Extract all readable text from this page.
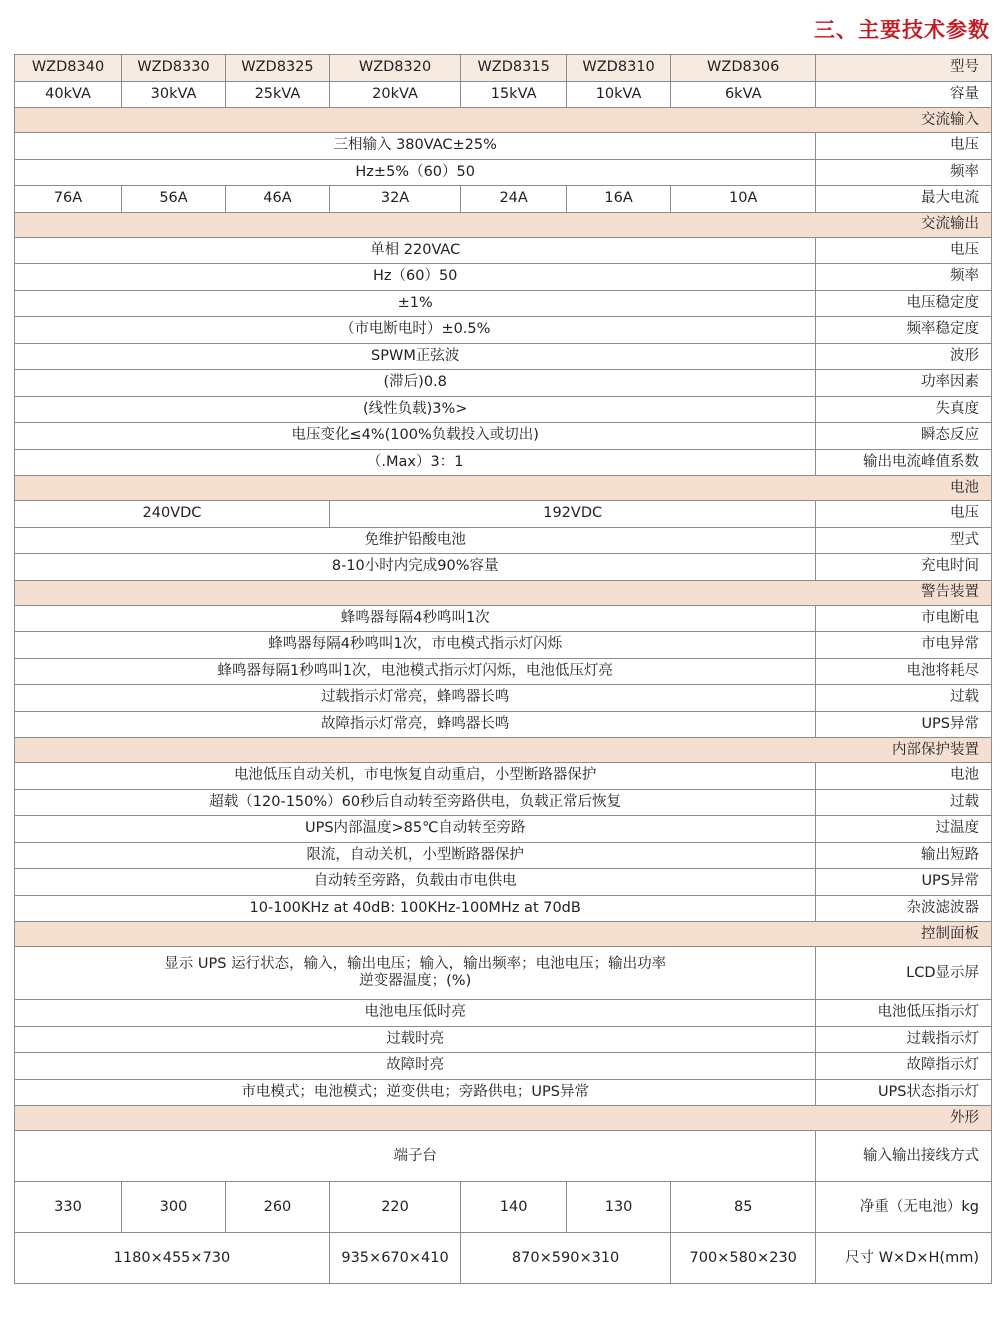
三、主要技术参数
型号	WZD8306	WZD8310	WZD8315	WZD8320	WZD8325	WZD8330	WZD8340
容量	6kVA	10kVA	15kVA	20kVA	25kVA	30kVA	40kVA
交流输入							
电压	三相输入 380VAC±25%						
频率	50（60）Hz±5%						
最大电流	10A	16A	24A	32A	46A	56A	76A
交流输出							
电压	单相 220VAC						
频率	50（60）Hz						
电压稳定度	±1%						
频率稳定度	±0.5%（市电断电时）						
波形	SPWM正弦波						
功率因素	0.8(滞后)						
失真度	<3%(线性负载)						
瞬态反应	电压变化≤4%(100%负载投入或切出)						
输出电流峰值系数	3：1（Max.）						
电池							
电压	192VDC				240VDC		
型式	免维护铅酸电池						
充电时间	8-10小时内完成90%容量						
警告装置							
市电断电	蜂鸣器每隔4秒鸣叫1次						
市电异常	蜂鸣器每隔4秒鸣叫1次，市电模式指示灯闪烁						
电池将耗尽	蜂鸣器每隔1秒鸣叫1次，电池模式指示灯闪烁，电池低压灯亮						
过载	过载指示灯常亮，蜂鸣器长鸣						
UPS异常	故障指示灯常亮，蜂鸣器长鸣						
内部保护装置							
电池	电池低压自动关机，市电恢复自动重启，小型断路器保护						
过载	超载（120-150%）60秒后自动转至旁路供电，负载正常后恢复						
过温度	UPS内部温度>85℃自动转至旁路						
输出短路	限流，自动关机，小型断路器保护						
UPS异常	自动转至旁路，负载由市电供电						
杂波滤波器	10-100KHz at 40dB: 100KHz-100MHz at 70dB						
控制面板							
LCD显示屏	显示 UPS 运行状态，输入，输出电压；输入，输出频率；电池电压；输出功率
(%)；逆变器温度						

电池低压指示灯	电池电压低时亮						
过载指示灯	过载时亮						
故障指示灯	故障时亮						
UPS状态指示灯	市电模式；电池模式；逆变供电；旁路供电；UPS异常						
外形							
输入输出接线方式	端子台						
净重（无电池）kg	85	130	140	220	260	300	330
尺寸 W×D×H(mm)	230×580×700	310×590×870		410×670×935	730×455×1180		
